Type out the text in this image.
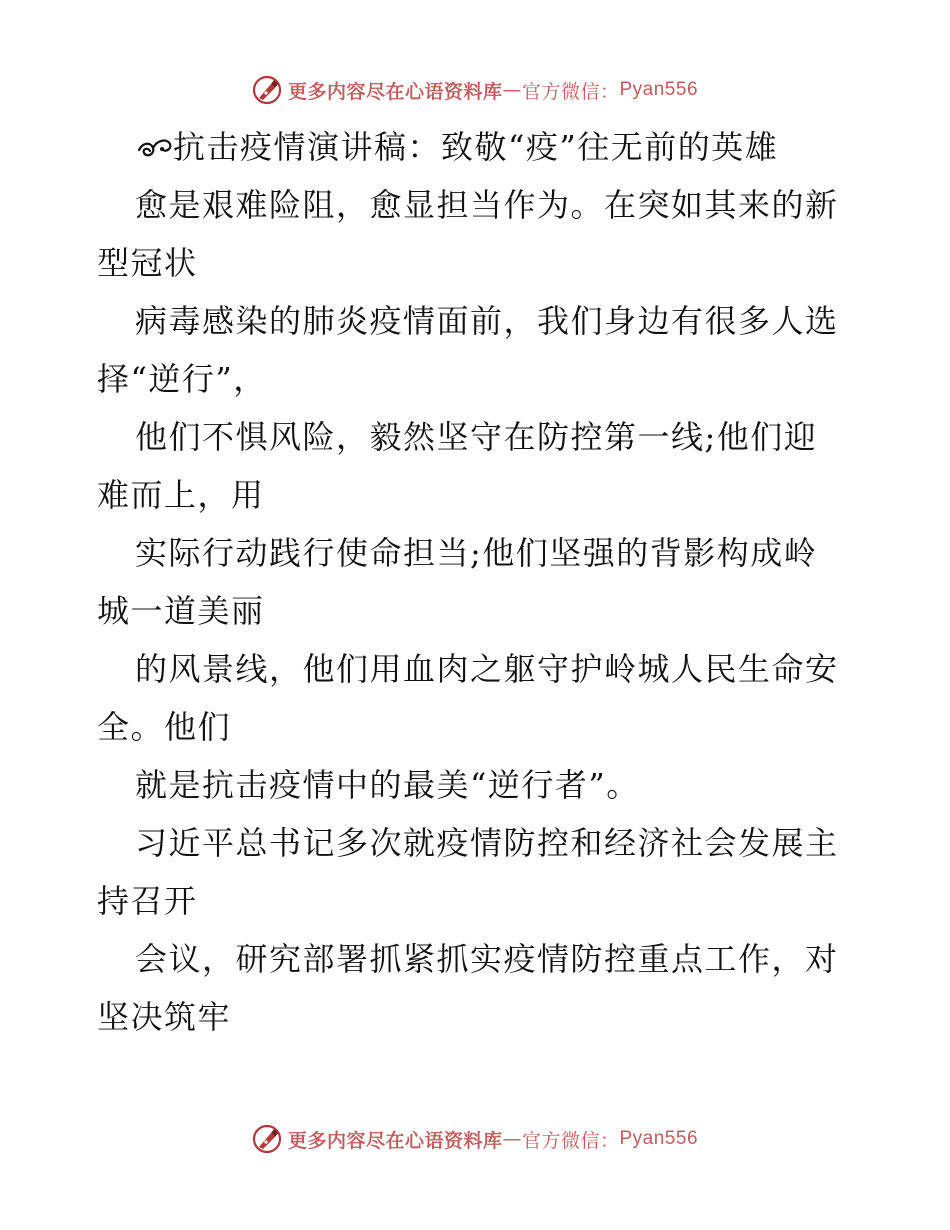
更多内容尽在心语资料库 — 官方微信： Pyan556
抗击疫情演讲稿：致敬“疫”往无前的英雄
愈是艰难险阻，愈显担当作为。在突如其来的新
型冠状
病毒感染的肺炎疫情面前，我们身边有很多人选
择“逆行”，
他们不惧风险，毅然坚守在防控第一线;他们迎
难而上，用
实际行动践行使命担当;他们坚强的背影构成岭
城一道美丽
的风景线，他们用血肉之躯守护岭城人民生命安
全。他们
就是抗击疫情中的最美“逆行者”。
习近平总书记多次就疫情防控和经济社会发展主
持召开
会议，研究部署抓紧抓实疫情防控重点工作，对
坚决筑牢
更多内容尽在心语资料库 — 官方微信： Pyan556
